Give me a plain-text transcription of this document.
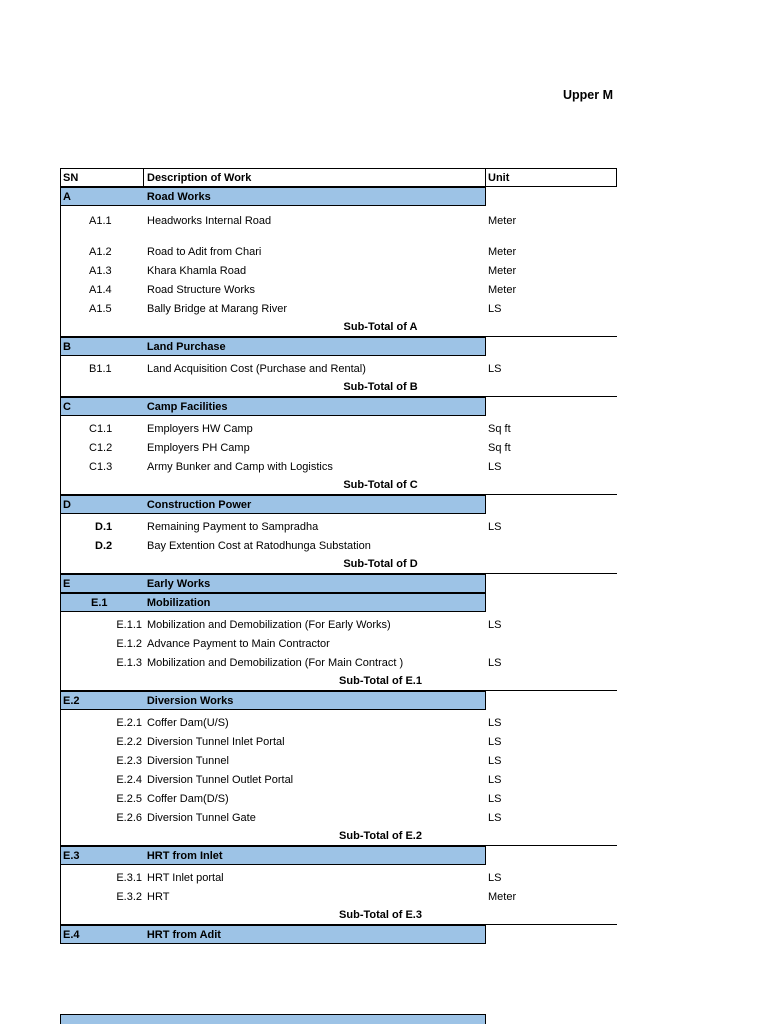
Upper M
SN	Description of Work	Unit
A	Road Works
A1.1	Headworks Internal Road	Meter
A1.2	Road to Adit from Chari	Meter
A1.3	Khara Khamla Road	Meter
A1.4	Road Structure Works	Meter
A1.5	Bally Bridge at Marang River	LS
Sub-Total of A
B	Land Purchase
B1.1	Land Acquisition Cost (Purchase and Rental)	LS
Sub-Total of B
C	Camp Facilities
C1.1	Employers HW Camp	Sq ft
C1.2	Employers PH Camp	Sq ft
C1.3	Army Bunker and Camp with Logistics	LS
Sub-Total of C
D	Construction Power
D.1	Remaining Payment to Sampradha	LS
D.2	Bay Extention Cost at Ratodhunga Substation
Sub-Total of D
E	Early Works
E.1	Mobilization
E.1.1 Mobilization and Demobilization (For Early Works)	LS
E.1.2 Advance Payment to Main Contractor
E.1.3 Mobilization and Demobilization (For Main Contract )	LS
Sub-Total of E.1
E.2	Diversion Works
E.2.1 Coffer Dam(U/S)	LS
E.2.2 Diversion Tunnel Inlet Portal	LS
E.2.3 Diversion Tunnel	LS
E.2.4 Diversion Tunnel Outlet Portal	LS
E.2.5 Coffer Dam(D/S)	LS
E.2.6 Diversion Tunnel Gate	LS
Sub-Total of E.2
E.3	HRT from Inlet
E.3.1 HRT Inlet portal	LS
E.3.2 HRT	Meter
Sub-Total of E.3
E.4	HRT from Adit
